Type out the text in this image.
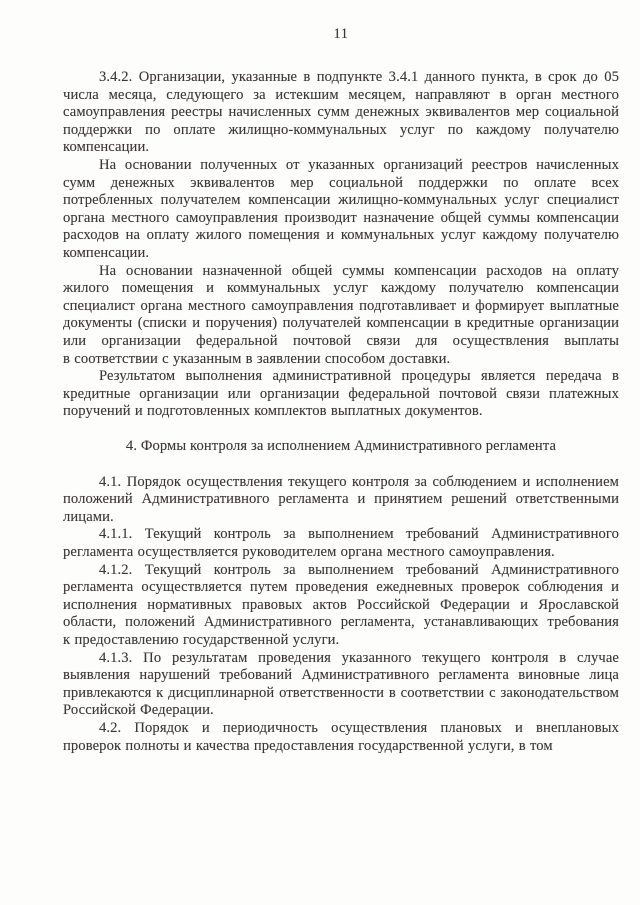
11

3.4.2. Организации, указанные в подпункте 3.4.1 данного пункта, в срок до 05 числа месяца, следующего за истекшим месяцем, направляют в орган местного самоуправления реестры начисленных сумм денежных эквивалентов мер социальной поддержки по оплате жилищно-коммунальных услуг по каждому получателю компенсации.

На основании полученных от указанных организаций реестров начисленных сумм денежных эквивалентов мер социальной поддержки по оплате всех потребленных получателем компенсации жилищно-коммунальных услуг специалист органа местного самоуправления производит назначение общей суммы компенсации расходов на оплату жилого помещения и коммунальных услуг каждому получателю компенсации.

На основании назначенной общей суммы компенсации расходов на оплату жилого помещения и коммунальных услуг каждому получателю компенсации специалист органа местного самоуправления подготавливает и формирует выплатные документы (списки и поручения) получателей компенсации в кредитные организации или организации федеральной почтовой связи для осуществления выплаты в соответствии с указанным в заявлении способом доставки.

Результатом выполнения административной процедуры является передача в кредитные организации или организации федеральной почтовой связи платежных поручений и подготовленных комплектов выплатных документов.

4. Формы контроля за исполнением Административного регламента

4.1. Порядок осуществления текущего контроля за соблюдением и исполнением положений Административного регламента и принятием решений ответственными лицами.

4.1.1. Текущий контроль за выполнением требований Административного регламента осуществляется руководителем органа местного самоуправления.

4.1.2. Текущий контроль за выполнением требований Административного регламента осуществляется путем проведения ежедневных проверок соблюдения и исполнения нормативных правовых актов Российской Федерации и Ярославской области, положений Административного регламента, устанавливающих требования к предоставлению государственной услуги.

4.1.3. По результатам проведения указанного текущего контроля в случае выявления нарушений требований Административного регламента виновные лица привлекаются к дисциплинарной ответственности в соответствии с законодательством Российской Федерации.

4.2. Порядок и периодичность осуществления плановых и внеплановых проверок полноты и качества предоставления государственной услуги, в том
